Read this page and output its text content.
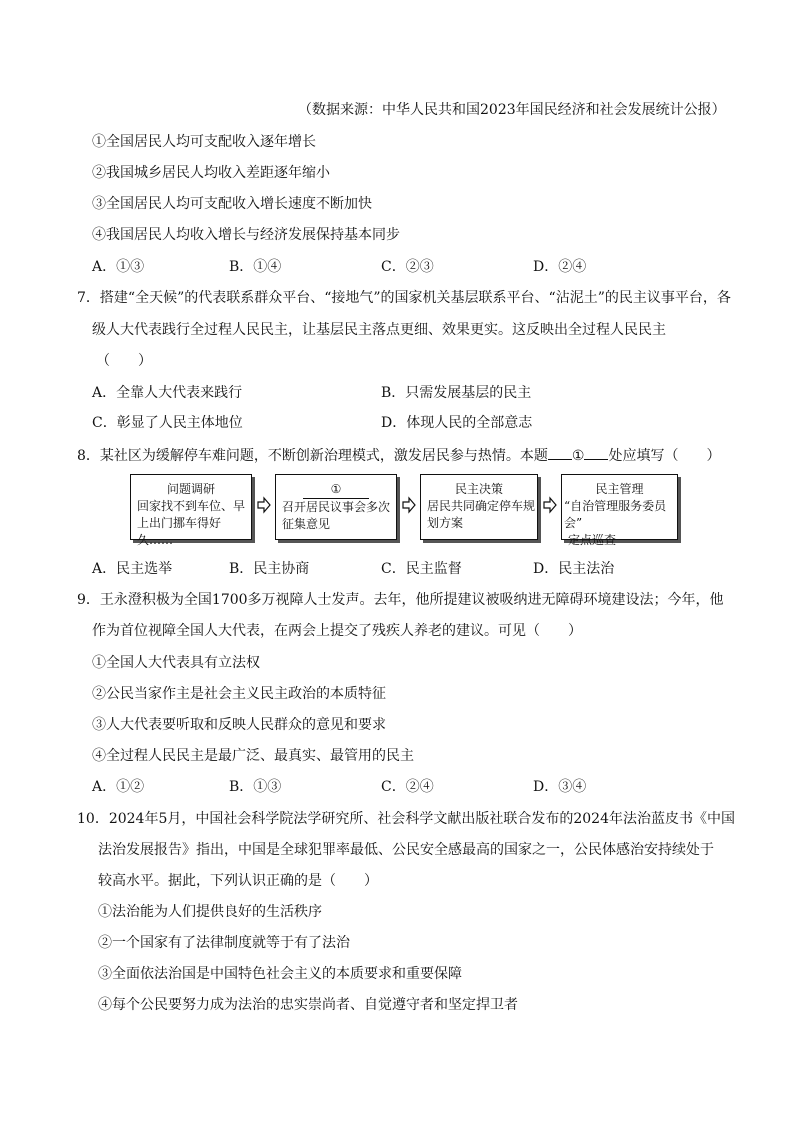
（数据来源：中华人民共和国2023年国民经济和社会发展统计公报）
①全国居民人均可支配收入逐年增长
②我国城乡居民人均收入差距逐年缩小
③全国居民人均可支配收入增长速度不断加快
④我国居民人均收入增长与经济发展保持基本同步
A．①③	B．①④	C．②③	D．②④
7．搭建“全天候”的代表联系群众平台、“接地气”的国家机关基层联系平台、“沾泥土”的民主议事平台，各
级人大代表践行全过程人民民主，让基层民主落点更细、效果更实。这反映出全过程人民民主
（　　）
A．全靠人大代表来践行	B．只需发展基层的民主
C．彰显了人民主体地位	D．体现人民的全部意志
8．某社区为缓解停车难问题，不断创新治理模式，激发居民参与热情。本题 ① 处应填写（　　）
问题调研
回家找不到车位、早
上出门挪车得好久……
①
召开居民议事会多次
征集意见
民主决策
居民共同确定停车规
划方案
民主管理
“自治管理服务委员会”
定点巡查
A．民主选举	B．民主协商	C．民主监督	D．民主法治
9．王永澄积极为全国1700多万视障人士发声。去年，他所提建议被吸纳进无障碍环境建设法；今年，他
作为首位视障全国人大代表，在两会上提交了残疾人养老的建议。可见（　　）
①全国人大代表具有立法权
②公民当家作主是社会主义民主政治的本质特征
③人大代表要听取和反映人民群众的意见和要求
④全过程人民民主是最广泛、最真实、最管用的民主
A．①②	B．①③	C．②④	D．③④
10．2024年5月，中国社会科学院法学研究所、社会科学文献出版社联合发布的2024年法治蓝皮书《中国
法治发展报告》指出，中国是全球犯罪率最低、公民安全感最高的国家之一，公民体感治安持续处于
较高水平。据此，下列认识正确的是（　　）
①法治能为人们提供良好的生活秩序
②一个国家有了法律制度就等于有了法治
③全面依法治国是中国特色社会主义的本质要求和重要保障
④每个公民要努力成为法治的忠实崇尚者、自觉遵守者和坚定捍卫者
